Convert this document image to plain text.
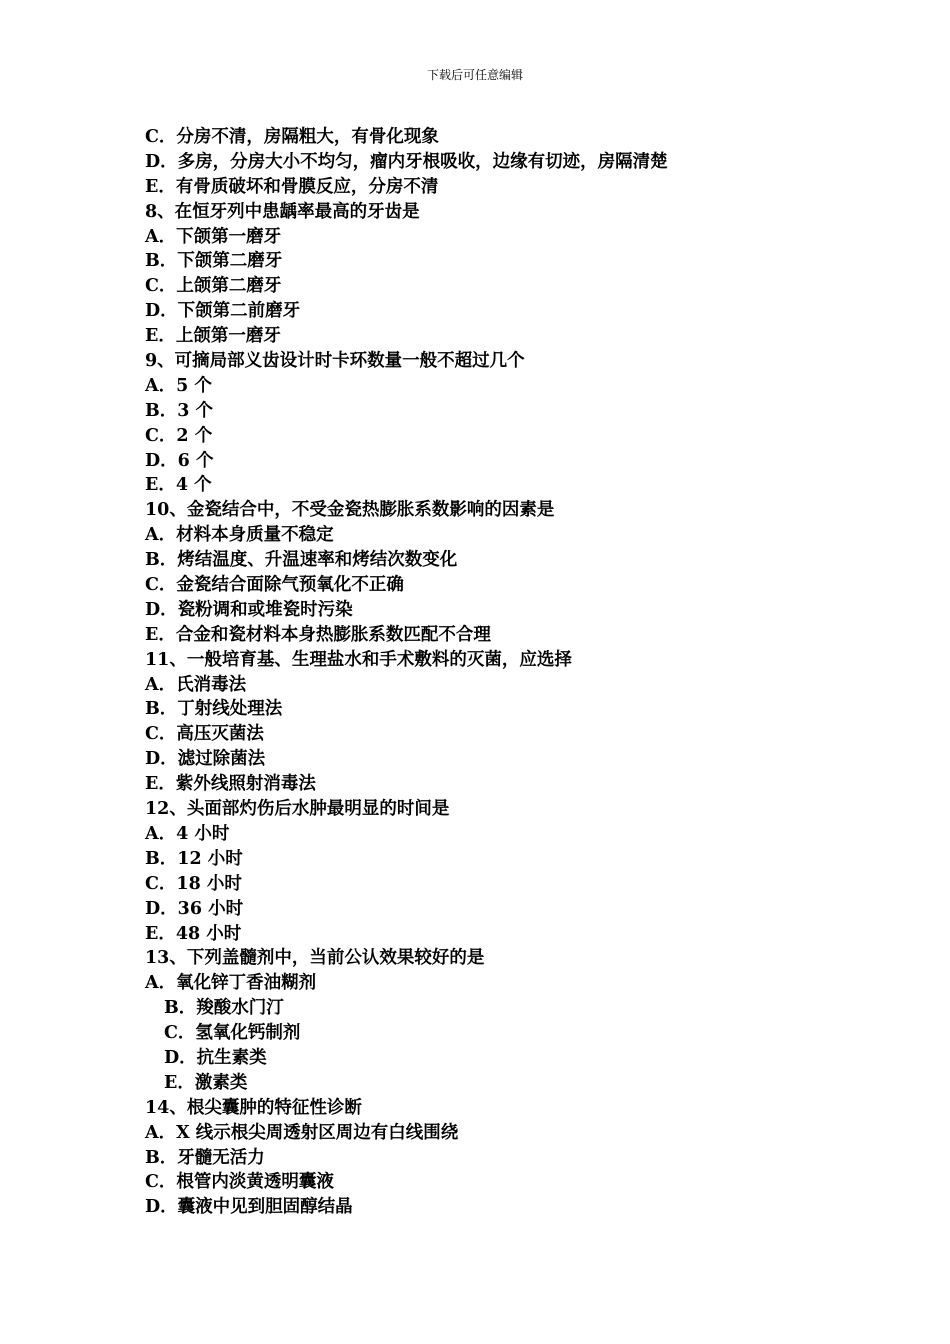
下载后可任意编辑
C．分房不清，房隔粗大，有骨化现象
D．多房，分房大小不均匀，瘤内牙根吸收，边缘有切迹，房隔清楚
E．有骨质破坏和骨膜反应，分房不清
8、在恒牙列中患龋率最高的牙齿是
A．下颌第一磨牙
B．下颌第二磨牙
C．上颌第二磨牙
D．下颌第二前磨牙
E．上颌第一磨牙
9、可摘局部义齿设计时卡环数量一般不超过几个
A．5 个
B．3 个
C．2 个
D．6 个
E．4 个
10、金瓷结合中，不受金瓷热膨胀系数影响的因素是
A．材料本身质量不稳定
B．烤结温度、升温速率和烤结次数变化
C．金瓷结合面除气预氧化不正确
D．瓷粉调和或堆瓷时污染
E．合金和瓷材料本身热膨胀系数匹配不合理
11、一般培育基、生理盐水和手术敷料的灭菌，应选择
A．氏消毒法
B．丁射线处理法
C．高压灭菌法
D．滤过除菌法
E．紫外线照射消毒法
12、头面部灼伤后水肿最明显的时间是
A．4 小时
B．12 小时
C．18 小时
D．36 小时
E．48 小时
13、下列盖髓剂中，当前公认效果较好的是
A．氧化锌丁香油糊剂
B．羧酸水门汀
C．氢氧化钙制剂
D．抗生素类
E．激素类
14、根尖囊肿的特征性诊断
A．X 线示根尖周透射区周边有白线围绕
B．牙髓无活力
C．根管内淡黄透明囊液
D．囊液中见到胆固醇结晶
